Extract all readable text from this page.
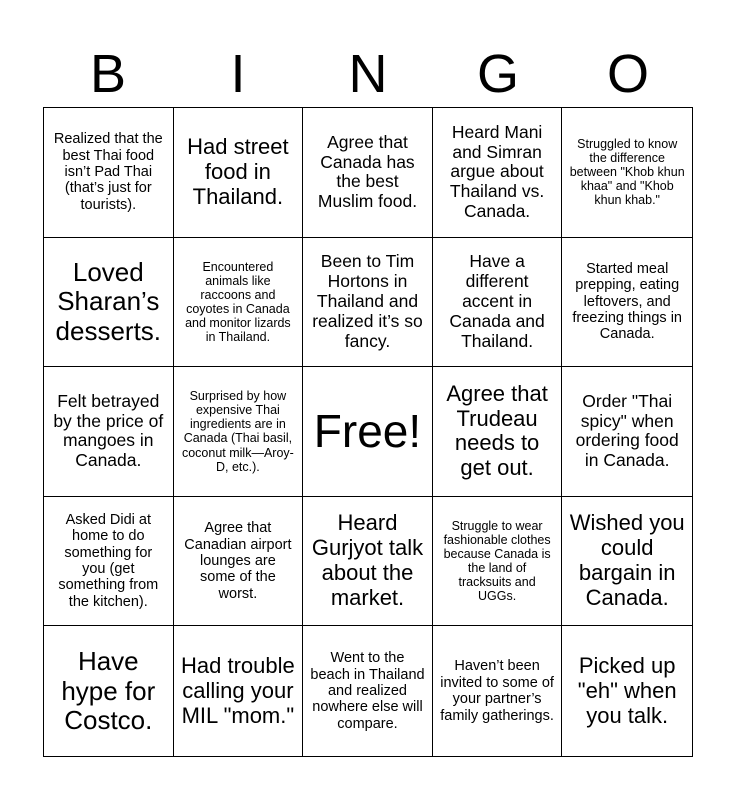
B	I	N	G	O
Realized that the best Thai food isn’t Pad Thai (that’s just for tourists).
Had street food in Thailand.
Agree that Canada has the best Muslim food.
Heard Mani and Simran argue about Thailand vs. Canada.
Struggled to know the difference between "Khob khun khaa" and "Khob khun khab."
Loved Sharan’s desserts.
Encountered animals like raccoons and coyotes in Canada and monitor lizards in Thailand.
Been to Tim Hortons in Thailand and realized it’s so fancy.
Have a different accent in Canada and Thailand.
Started meal prepping, eating leftovers, and freezing things in Canada.
Felt betrayed by the price of mangoes in Canada.
Surprised by how expensive Thai ingredients are in Canada (Thai basil, coconut milk—Aroy-D, etc.).
Free!
Agree that Trudeau needs to get out.
Order "Thai spicy" when ordering food in Canada.
Asked Didi at home to do something for you (get something from the kitchen).
Agree that Canadian airport lounges are some of the worst.
Heard Gurjyot talk about the market.
Struggle to wear fashionable clothes because Canada is the land of tracksuits and UGGs.
Wished you could bargain in Canada.
Have hype for Costco.
Had trouble calling your MIL "mom."
Went to the beach in Thailand and realized nowhere else will compare.
Haven’t been invited to some of your partner’s family gatherings.
Picked up "eh" when you talk.
